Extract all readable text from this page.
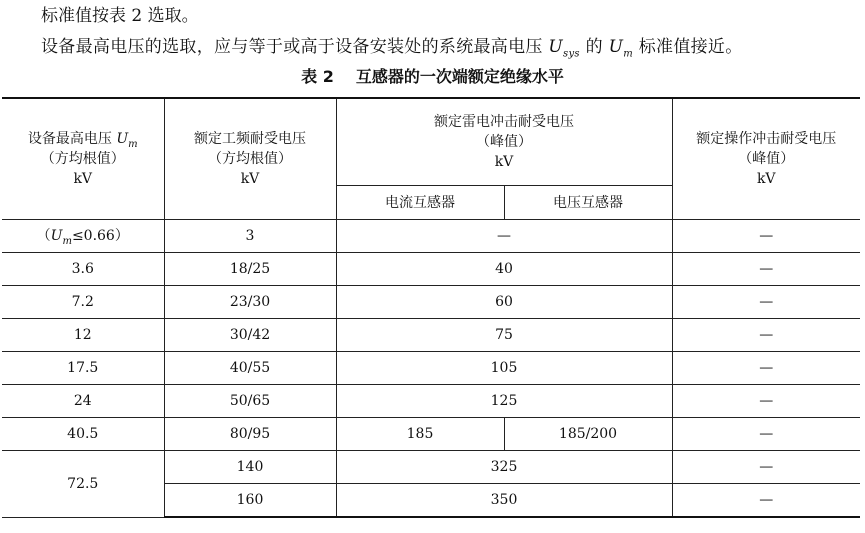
标准值按表 2 选取。
设备最高电压的选取，应与等于或高于设备安装处的系统最高电压 $U_{sys}$ 的 $U_m$ 标准值接近。
表 2 互感器的一次端额定绝缘水平
设备最高电压 $U_m$
（方均根值）
kV	额定工频耐受电压
（方均根值）
kV	额定雷电冲击耐受电压
（峰值）
kV		额定操作冲击耐受电压
（峰值）
kV

		电流互感器	电压互感器	
$(U_m\le 0.66)$	3	—		—
3.6	18/25	40		—
7.2	23/30	60		—
12	30/42	75		—
17.5	40/55	105		—
24	50/65	125		—
40.5	80/95	185	185/200	—
72.5	140	325		—
	160	350		—
